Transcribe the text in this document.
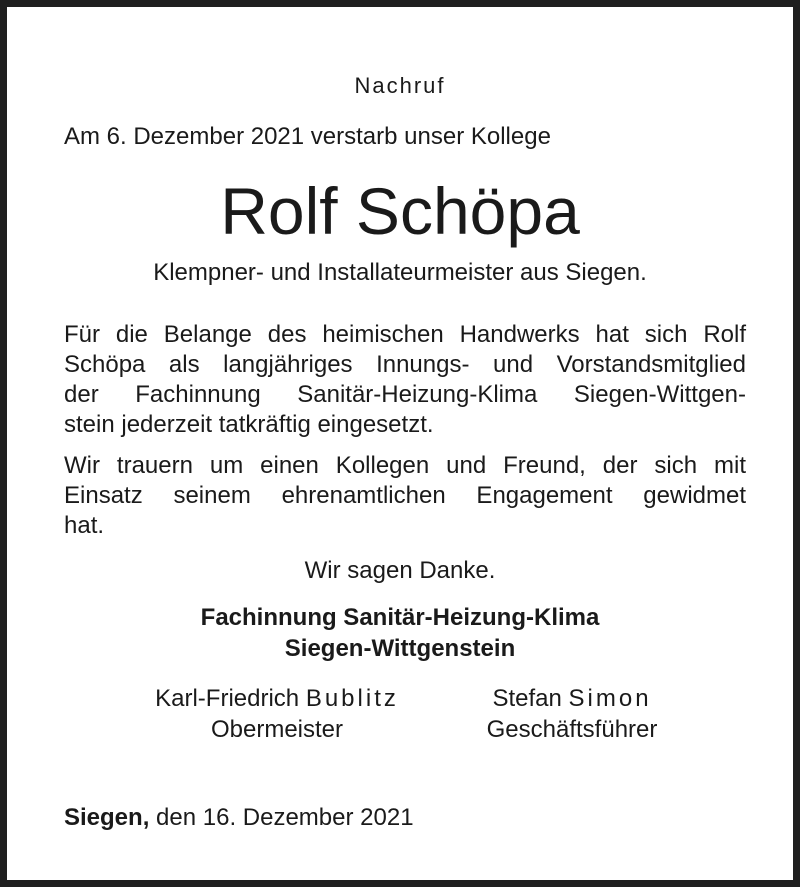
Nachruf
Am 6. Dezember 2021 verstarb unser Kollege
Rolf Schöpa
Klempner- und Installateurmeister aus Siegen.
Für die Belange des heimischen Handwerks hat sich Rolf
Schöpa als langjähriges Innungs- und Vorstandsmitglied
der Fachinnung Sanitär-Heizung-Klima Siegen-Wittgen-
stein jederzeit tatkräftig eingesetzt.
Wir trauern um einen Kollegen und Freund, der sich mit
Einsatz seinem ehrenamtlichen Engagement gewidmet
hat.
Wir sagen Danke.
Fachinnung Sanitär-Heizung-Klima
Siegen-Wittgenstein
Karl-Friedrich Bublitz
Obermeister
Stefan Simon
Geschäftsführer
Siegen, den 16. Dezember 2021
